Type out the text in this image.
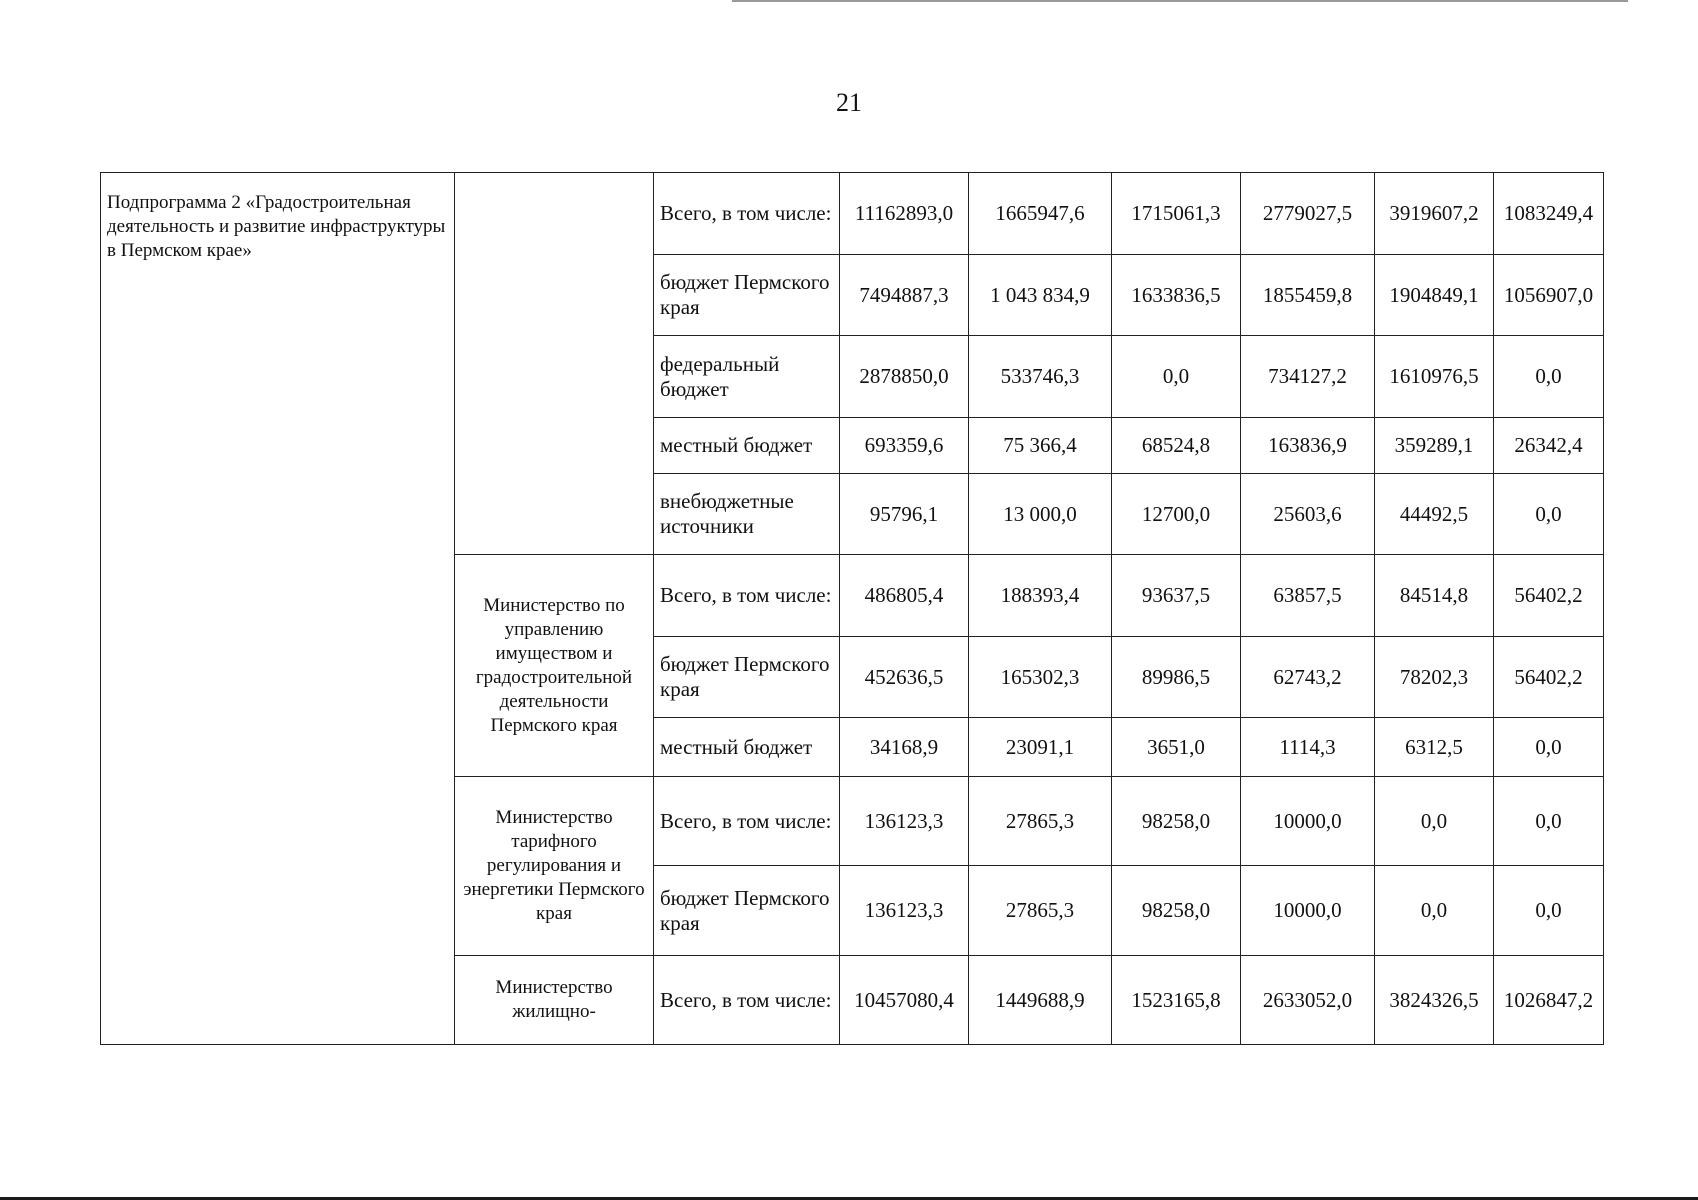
21
Подпрограмма 2 «Градостроительная деятельность и развитие инфраструктуры в Пермском крае»		Всего, в том числе:	11162893,0	1665947,6	1715061,3	2779027,5	3919607,2	1083249,4
		бюджет Пермского края	7494887,3	1 043 834,9	1633836,5	1855459,8	1904849,1	1056907,0
		федеральный бюджет	2878850,0	533746,3	0,0	734127,2	1610976,5	0,0
		местный бюджет	693359,6	75 366,4	68524,8	163836,9	359289,1	26342,4
		внебюджетные источники	95796,1	13 000,0	12700,0	25603,6	44492,5	0,0
	Министерство по управлению имуществом и градостроительной деятельности Пермского края	Всего, в том числе:	486805,4	188393,4	93637,5	63857,5	84514,8	56402,2
		бюджет Пермского края	452636,5	165302,3	89986,5	62743,2	78202,3	56402,2
		местный бюджет	34168,9	23091,1	3651,0	1114,3	6312,5	0,0
	Министерство тарифного регулирования и энергетики Пермского края	Всего, в том числе:	136123,3	27865,3	98258,0	10000,0	0,0	0,0
		бюджет Пермского края	136123,3	27865,3	98258,0	10000,0	0,0	0,0
	Министерство жилищно-	Всего, в том числе:	10457080,4	1449688,9	1523165,8	2633052,0	3824326,5	1026847,2
